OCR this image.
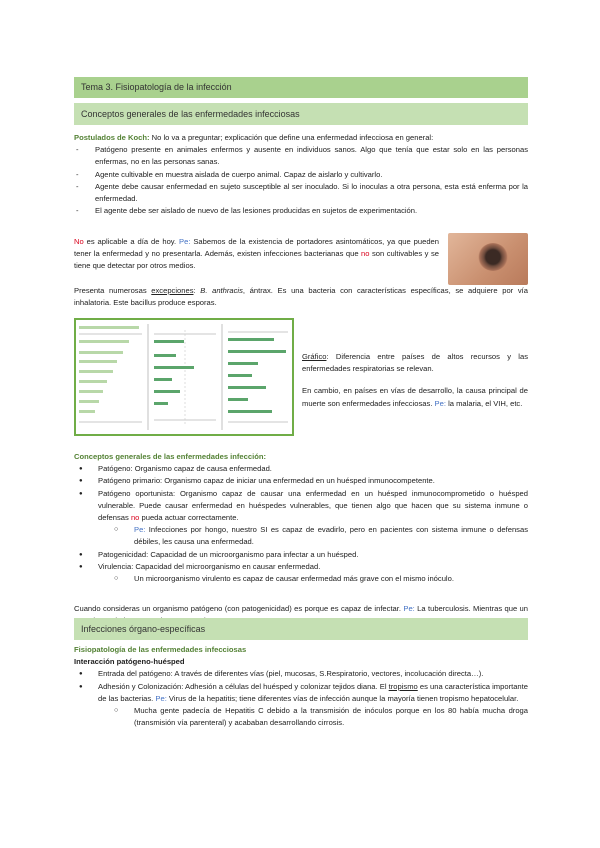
Tema 3. Fisiopatología de la infección
Conceptos generales de las enfermedades infecciosas
Postulados de Koch: No lo va a preguntar; explicación que define una enfermedad infecciosa en general:
- Patógeno presente en animales enfermos y ausente en individuos sanos. Algo que tenía que estar solo en las personas enfermas, no en las personas sanas.
- Agente cultivable en muestra aislada de cuerpo animal. Capaz de aislarlo y cultivarlo.
- Agente debe causar enfermedad en sujeto susceptible al ser inoculado. Si lo inoculas a otra persona, esta está enferma por la enfermedad.
- El agente debe ser aislado de nuevo de las lesiones producidas en sujetos de experimentación.
No es aplicable a día de hoy. Pe: Sabemos de la existencia de portadores asintomáticos, ya que pueden tener la enfermedad y no presentarla. Además, existen infecciones bacterianas que no son cultivables y se tiene que detectar por otros medios.
Presenta numerosas excepciones: B. anthracis, ántrax. Es una bacteria con características específicas, se adquiere por vía inhalatoria. Este bacillus produce esporas.
Gráfico: Diferencia entre países de altos recursos y las enfermedades respiratorias se relevan.
En cambio, en países en vías de desarrollo, la causa principal de muerte son enfermedades infecciosas. Pe: la malaria, el VIH, etc.
Conceptos generales de las enfermedades infección:
● Patógeno: Organismo capaz de causa enfermedad.
● Patógeno primario: Organismo capaz de iniciar una enfermedad en un huésped inmunocompetente.
● Patógeno oportunista: Organismo capaz de causar una enfermedad en un huésped inmunocomprometido o huésped vulnerable. Puede causar enfermedad en huéspedes vulnerables, que tienen algo que hacen que su sistema inmune o defensas no pueda actuar correctamente.
○ Pe: Infecciones por hongo, nuestro SI es capaz de evadirlo, pero en pacientes con sistema inmune o defensas débiles, les causa una enfermedad.
● Patogenicidad: Capacidad de un microorganismo para infectar a un huésped.
● Virulencia: Capacidad del microorganismo en causar enfermedad.
○ Un microorganismo virulento es capaz de causar enfermedad más grave con el mismo inóculo.
Cuando consideras un organismo patógeno (con patogenicidad) es porque es capaz de infectar. Pe: La tuberculosis. Mientras que un
Infecciones órgano-específicas
Fisiopatología de las enfermedades infecciosas
Interacción patógeno-huésped
● Entrada del patógeno: A través de diferentes vías (piel, mucosas, S.Respiratorio, vectores, incolucación directa…).
● Adhesión y Colonización: Adhesión a células del huésped y colonizar tejidos diana. El tropismo es una característica importante de las bacterias. Pe: Virus de la hepatitis; tiene diferentes vías de infección aunque la mayoría tienen tropismo hepatocelular.
○ Mucha gente padecía de Hepatitis C debido a la transmisión de inóculos porque en los 80 había mucha droga (transmisión vía parenteral) y acababan desarrollando cirrosis.
